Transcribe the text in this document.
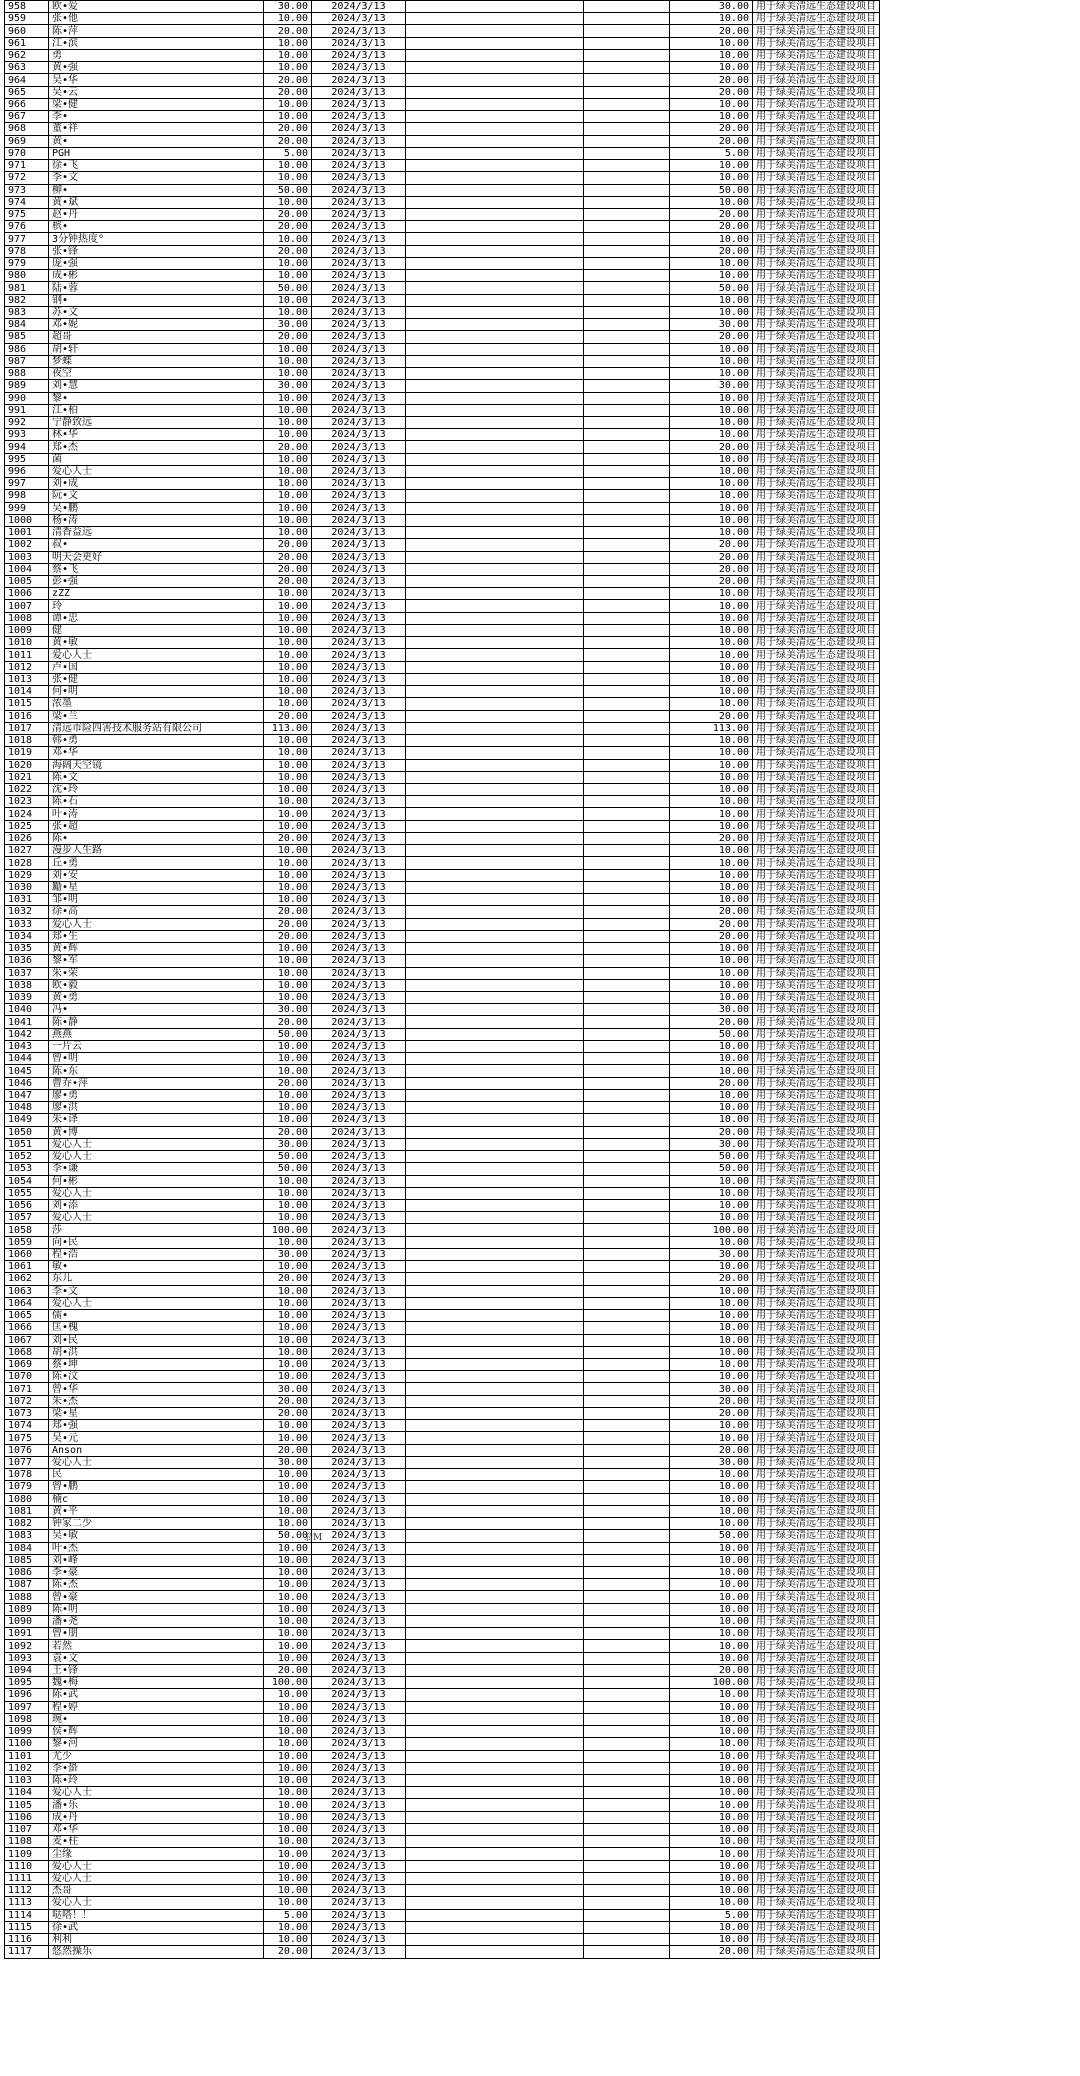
958	欧•爱	30.00	2024/3/13			30.00	用于绿美清远生态建设项目
959	张•他	10.00	2024/3/13			10.00	用于绿美清远生态建设项目
960	陈•萍	20.00	2024/3/13			20.00	用于绿美清远生态建设项目
961	江•滨	10.00	2024/3/13			10.00	用于绿美清远生态建设项目
962	勇	10.00	2024/3/13			10.00	用于绿美清远生态建设项目
963	黄•强	10.00	2024/3/13			10.00	用于绿美清远生态建设项目
964	吴•华	20.00	2024/3/13			20.00	用于绿美清远生态建设项目
965	吴•云	20.00	2024/3/13			20.00	用于绿美清远生态建设项目
966	梁•健	10.00	2024/3/13			10.00	用于绿美清远生态建设项目
967	李•	10.00	2024/3/13			10.00	用于绿美清远生态建设项目
968	董•祥	20.00	2024/3/13			20.00	用于绿美清远生态建设项目
969	黄•	20.00	2024/3/13			20.00	用于绿美清远生态建设项目
970	PGH	5.00	2024/3/13			5.00	用于绿美清远生态建设项目
971	徐•飞	10.00	2024/3/13			10.00	用于绿美清远生态建设项目
972	李•文	10.00	2024/3/13			10.00	用于绿美清远生态建设项目
973	柳•	50.00	2024/3/13			50.00	用于绿美清远生态建设项目
974	黄•斌	10.00	2024/3/13			10.00	用于绿美清远生态建设项目
975	赵•丹	20.00	2024/3/13			20.00	用于绿美清远生态建设项目
976	槟•	20.00	2024/3/13			20.00	用于绿美清远生态建设项目
977	3分钟热度°	10.00	2024/3/13			10.00	用于绿美清远生态建设项目
978	张•锋	20.00	2024/3/13			20.00	用于绿美清远生态建设项目
979	庞•强	10.00	2024/3/13			10.00	用于绿美清远生态建设项目
980	成•彬	10.00	2024/3/13			10.00	用于绿美清远生态建设项目
981	陆•蓉	50.00	2024/3/13			50.00	用于绿美清远生态建设项目
982	钢•	10.00	2024/3/13			10.00	用于绿美清远生态建设项目
983	苏•文	10.00	2024/3/13			10.00	用于绿美清远生态建设项目
984	邓•妮	30.00	2024/3/13			30.00	用于绿美清远生态建设项目
985	超哥	20.00	2024/3/13			20.00	用于绿美清远生态建设项目
986	胡•轩	10.00	2024/3/13			10.00	用于绿美清远生态建设项目
987	梦蝶	10.00	2024/3/13			10.00	用于绿美清远生态建设项目
988	夜空	10.00	2024/3/13			10.00	用于绿美清远生态建设项目
989	刘•慧	30.00	2024/3/13			30.00	用于绿美清远生态建设项目
990	黎•	10.00	2024/3/13			10.00	用于绿美清远生态建设项目
991	江•柏	10.00	2024/3/13			10.00	用于绿美清远生态建设项目
992	宁静致远	10.00	2024/3/13			10.00	用于绿美清远生态建设项目
993	林•华	10.00	2024/3/13			10.00	用于绿美清远生态建设项目
994	郑•杰	20.00	2024/3/13			20.00	用于绿美清远生态建设项目
995	菌	10.00	2024/3/13			10.00	用于绿美清远生态建设项目
996	爱心人士	10.00	2024/3/13			10.00	用于绿美清远生态建设项目
997	刘•成	10.00	2024/3/13			10.00	用于绿美清远生态建设项目
998	阮•文	10.00	2024/3/13			10.00	用于绿美清远生态建设项目
999	吴•鹏	10.00	2024/3/13			10.00	用于绿美清远生态建设项目
1000	杨•涛	10.00	2024/3/13			10.00	用于绿美清远生态建设项目
1001	清香益远	10.00	2024/3/13			10.00	用于绿美清远生态建设项目
1002	叔•	20.00	2024/3/13			20.00	用于绿美清远生态建设项目
1003	明天会更好	20.00	2024/3/13			20.00	用于绿美清远生态建设项目
1004	蔡•飞	20.00	2024/3/13			20.00	用于绿美清远生态建设项目
1005	彭•强	20.00	2024/3/13			20.00	用于绿美清远生态建设项目
1006	zZZ	10.00	2024/3/13			10.00	用于绿美清远生态建设项目
1007	玲	10.00	2024/3/13			10.00	用于绿美清远生态建设项目
1008	谭•忠	10.00	2024/3/13			10.00	用于绿美清远生态建设项目
1009	健	10.00	2024/3/13			10.00	用于绿美清远生态建设项目
1010	黄•敏	10.00	2024/3/13			10.00	用于绿美清远生态建设项目
1011	爱心人士	10.00	2024/3/13			10.00	用于绿美清远生态建设项目
1012	卢•国	10.00	2024/3/13			10.00	用于绿美清远生态建设项目
1013	张•健	10.00	2024/3/13			10.00	用于绿美清远生态建设项目
1014	何•明	10.00	2024/3/13			10.00	用于绿美清远生态建设项目
1015	浓墨	10.00	2024/3/13			10.00	用于绿美清远生态建设项目
1016	梁•兰	20.00	2024/3/13			20.00	用于绿美清远生态建设项目
1017	清远市险四害技术服务站有限公司	113.00	2024/3/13			113.00	用于绿美清远生态建设项目
1018	韩•勇	10.00	2024/3/13			10.00	用于绿美清远生态建设项目
1019	邓•华	10.00	2024/3/13			10.00	用于绿美清远生态建设项目
1020	海阔天空镜	10.00	2024/3/13			10.00	用于绿美清远生态建设项目
1021	陈•文	10.00	2024/3/13			10.00	用于绿美清远生态建设项目
1022	沈•玲	10.00	2024/3/13			10.00	用于绿美清远生态建设项目
1023	陈•石	10.00	2024/3/13			10.00	用于绿美清远生态建设项目
1024	叶•涛	10.00	2024/3/13			10.00	用于绿美清远生态建设项目
1025	张•超	10.00	2024/3/13			10.00	用于绿美清远生态建设项目
1026	陈•	20.00	2024/3/13			20.00	用于绿美清远生态建设项目
1027	漫步人生路	10.00	2024/3/13			10.00	用于绿美清远生态建设项目
1028	丘•勇	10.00	2024/3/13			10.00	用于绿美清远生态建设项目
1029	刘•安	10.00	2024/3/13			10.00	用于绿美清远生态建设项目
1030	勵•星	10.00	2024/3/13			10.00	用于绿美清远生态建设项目
1031	邹•明	10.00	2024/3/13			10.00	用于绿美清远生态建设项目
1032	徐•高	20.00	2024/3/13			20.00	用于绿美清远生态建设项目
1033	爱心人士	20.00	2024/3/13			20.00	用于绿美清远生态建设项目
1034	郑•生	20.00	2024/3/13			20.00	用于绿美清远生态建设项目
1035	黄•辉	10.00	2024/3/13			10.00	用于绿美清远生态建设项目
1036	黎•军	10.00	2024/3/13			10.00	用于绿美清远生态建设项目
1037	朱•荣	10.00	2024/3/13			10.00	用于绿美清远生态建设项目
1038	欧•毅	10.00	2024/3/13			10.00	用于绿美清远生态建设项目
1039	黄•勇	10.00	2024/3/13			10.00	用于绿美清远生态建设项目
1040	冯•	30.00	2024/3/13			30.00	用于绿美清远生态建设项目
1041	陈•静	20.00	2024/3/13			20.00	用于绿美清远生态建设项目
1042	燕燕	50.00	2024/3/13			50.00	用于绿美清远生态建设项目
1043	一片云	10.00	2024/3/13			10.00	用于绿美清远生态建设项目
1044	曾•明	10.00	2024/3/13			10.00	用于绿美清远生态建设项目
1045	陈•东	10.00	2024/3/13			10.00	用于绿美清远生态建设项目
1046	曹乔•萍	20.00	2024/3/13			20.00	用于绿美清远生态建设项目
1047	廖•勇	10.00	2024/3/13			10.00	用于绿美清远生态建设项目
1048	廖•洪	10.00	2024/3/13			10.00	用于绿美清远生态建设项目
1049	朱•译	10.00	2024/3/13			10.00	用于绿美清远生态建设项目
1050	黄•博	20.00	2024/3/13			20.00	用于绿美清远生态建设项目
1051	爱心人士	30.00	2024/3/13			30.00	用于绿美清远生态建设项目
1052	爱心人士	50.00	2024/3/13			50.00	用于绿美清远生态建设项目
1053	李•谦	50.00	2024/3/13			50.00	用于绿美清远生态建设项目
1054	何•彬	10.00	2024/3/13			10.00	用于绿美清远生态建设项目
1055	爱心人士	10.00	2024/3/13			10.00	用于绿美清远生态建设项目
1056	刘•添	10.00	2024/3/13			10.00	用于绿美清远生态建设项目
1057	爱心人士	10.00	2024/3/13			10.00	用于绿美清远生态建设项目
1058	莎	100.00	2024/3/13			100.00	用于绿美清远生态建设项目
1059	向•民	10.00	2024/3/13			10.00	用于绿美清远生态建设项目
1060	程•浩	30.00	2024/3/13			30.00	用于绿美清远生态建设项目
1061	敏•	10.00	2024/3/13			10.00	用于绿美清远生态建设项目
1062	东儿	20.00	2024/3/13			20.00	用于绿美清远生态建设项目
1063	李•文	10.00	2024/3/13			10.00	用于绿美清远生态建设项目
1064	爱心人士	10.00	2024/3/13			10.00	用于绿美清远生态建设项目
1065	儒•	10.00	2024/3/13			10.00	用于绿美清远生态建设项目
1066	匡•槐	10.00	2024/3/13			10.00	用于绿美清远生态建设项目
1067	刘•民	10.00	2024/3/13			10.00	用于绿美清远生态建设项目
1068	胡•洪	10.00	2024/3/13			10.00	用于绿美清远生态建设项目
1069	蔡•坤	10.00	2024/3/13			10.00	用于绿美清远生态建设项目
1070	陈•汶	10.00	2024/3/13			10.00	用于绿美清远生态建设项目
1071	曾•华	30.00	2024/3/13			30.00	用于绿美清远生态建设项目
1072	朱•杰	20.00	2024/3/13			20.00	用于绿美清远生态建设项目
1073	梁•星	20.00	2024/3/13			20.00	用于绿美清远生态建设项目
1074	郑•强	10.00	2024/3/13			10.00	用于绿美清远生态建设项目
1075	吴•元	10.00	2024/3/13			10.00	用于绿美清远生态建设项目
1076	Anson	20.00	2024/3/13			20.00	用于绿美清远生态建设项目
1077	爱心人士	30.00	2024/3/13			30.00	用于绿美清远生态建设项目
1078	民	10.00	2024/3/13			10.00	用于绿美清远生态建设项目
1079	曾•鹏	10.00	2024/3/13			10.00	用于绿美清远生态建设项目
1080	楠c	10.00	2024/3/13			10.00	用于绿美清远生态建设项目
1081	黄•平	10.00	2024/3/13			10.00	用于绿美清远生态建设项目
1082	钟家二少	10.00	2024/3/13			10.00	用于绿美清远生态建设项目
1083	吴•敏	50.00	2024/3/13			50.00	用于绿美清远生态建设项目
1084	叶•杰	10.00	2024/3/13			10.00	用于绿美清远生态建设项目
1085	刘•峰	10.00	2024/3/13			10.00	用于绿美清远生态建设项目
1086	李•豪	10.00	2024/3/13			10.00	用于绿美清远生态建设项目
1087	陈•杰	10.00	2024/3/13			10.00	用于绿美清远生态建设项目
1088	曾•豪	10.00	2024/3/13			10.00	用于绿美清远生态建设项目
1089	陈•明	10.00	2024/3/13			10.00	用于绿美清远生态建设项目
1090	潘•尧	10.00	2024/3/13			10.00	用于绿美清远生态建设项目
1091	曾•朋	10.00	2024/3/13			10.00	用于绿美清远生态建设项目
1092	若然	10.00	2024/3/13			10.00	用于绿美清远生态建设项目
1093	袁•文	10.00	2024/3/13			10.00	用于绿美清远生态建设项目
1094	王•锋	20.00	2024/3/13			20.00	用于绿美清远生态建设项目
1095	魏•梅	100.00	2024/3/13			100.00	用于绿美清远生态建设项目
1096	陈•武	10.00	2024/3/13			10.00	用于绿美清远生态建设项目
1097	程•婷	10.00	2024/3/13			10.00	用于绿美清远生态建设项目
1098	琬•	10.00	2024/3/13			10.00	用于绿美清远生态建设项目
1099	侯•辉	10.00	2024/3/13			10.00	用于绿美清远生态建设项目
1100	黎•河	10.00	2024/3/13			10.00	用于绿美清远生态建设项目
1101	尤少	10.00	2024/3/13			10.00	用于绿美清远生态建设项目
1102	李•蛩	10.00	2024/3/13			10.00	用于绿美清远生态建设项目
1103	陈•玲	10.00	2024/3/13			10.00	用于绿美清远生态建设项目
1104	爱心人士	10.00	2024/3/13			10.00	用于绿美清远生态建设项目
1105	潘•乐	10.00	2024/3/13			10.00	用于绿美清远生态建设项目
1106	成•丹	10.00	2024/3/13			10.00	用于绿美清远生态建设项目
1107	邓•华	10.00	2024/3/13			10.00	用于绿美清远生态建设项目
1108	麦•柱	10.00	2024/3/13			10.00	用于绿美清远生态建设项目
1109	尘缘	10.00	2024/3/13			10.00	用于绿美清远生态建设项目
1110	爱心人士	10.00	2024/3/13			10.00	用于绿美清远生态建设项目
1111	爱心人士	10.00	2024/3/13			10.00	用于绿美清远生态建设项目
1112	杰哥	10.00	2024/3/13			10.00	用于绿美清远生态建设项目
1113	爱心人士	10.00	2024/3/13			10.00	用于绿美清远生态建设项目
1114	哒嗒！！	5.00	2024/3/13			5.00	用于绿美清远生态建设项目
1115	徐•武	10.00	2024/3/13			10.00	用于绿美清远生态建设项目
1116	利利	10.00	2024/3/13			10.00	用于绿美清远生态建设项目
1117	悠然操乐	20.00	2024/3/13			20.00	用于绿美清远生态建设项目
翁M
